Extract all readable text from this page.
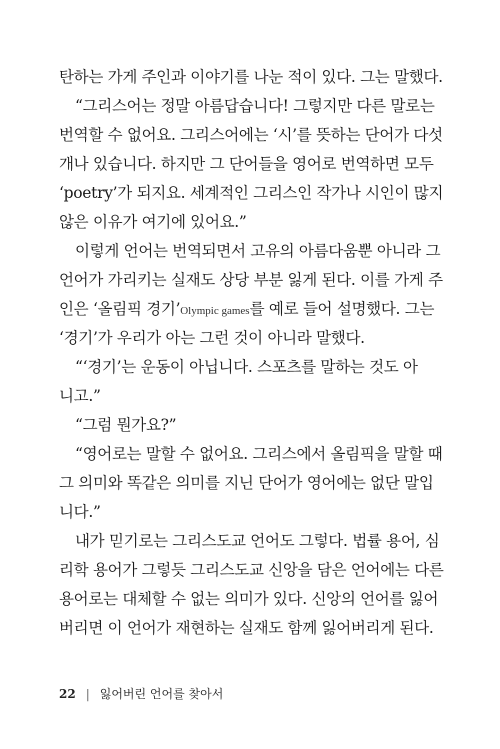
탄하는 가게 주인과 이야기를 나눈 적이 있다. 그는 말했다.
“그리스어는 정말 아름답습니다! 그렇지만 다른 말로는
번역할 수 없어요. 그리스어에는 ‘시’를 뜻하는 단어가 다섯
개나 있습니다. 하지만 그 단어들을 영어로 번역하면 모두
‘poetry’가 되지요. 세계적인 그리스인 작가나 시인이 많지
않은 이유가 여기에 있어요.”
이렇게 언어는 번역되면서 고유의 아름다움뿐 아니라 그
언어가 가리키는 실재도 상당 부분 잃게 된다. 이를 가게 주
인은 ‘올림픽 경기’Olympic games를 예로 들어 설명했다. 그는
‘경기’가 우리가 아는 그런 것이 아니라 말했다.
“‘경기’는 운동이 아닙니다. 스포츠를 말하는 것도 아
니고.”
“그럼 뭔가요?”
“영어로는 말할 수 없어요. 그리스에서 올림픽을 말할 때
그 의미와 똑같은 의미를 지닌 단어가 영어에는 없단 말입
니다.”
내가 믿기로는 그리스도교 언어도 그렇다. 법률 용어, 심
리학 용어가 그렇듯 그리스도교 신앙을 담은 언어에는 다른
용어로는 대체할 수 없는 의미가 있다. 신앙의 언어를 잃어
버리면 이 언어가 재현하는 실재도 함께 잃어버리게 된다.
22 | 잃어버린 언어를 찾아서
